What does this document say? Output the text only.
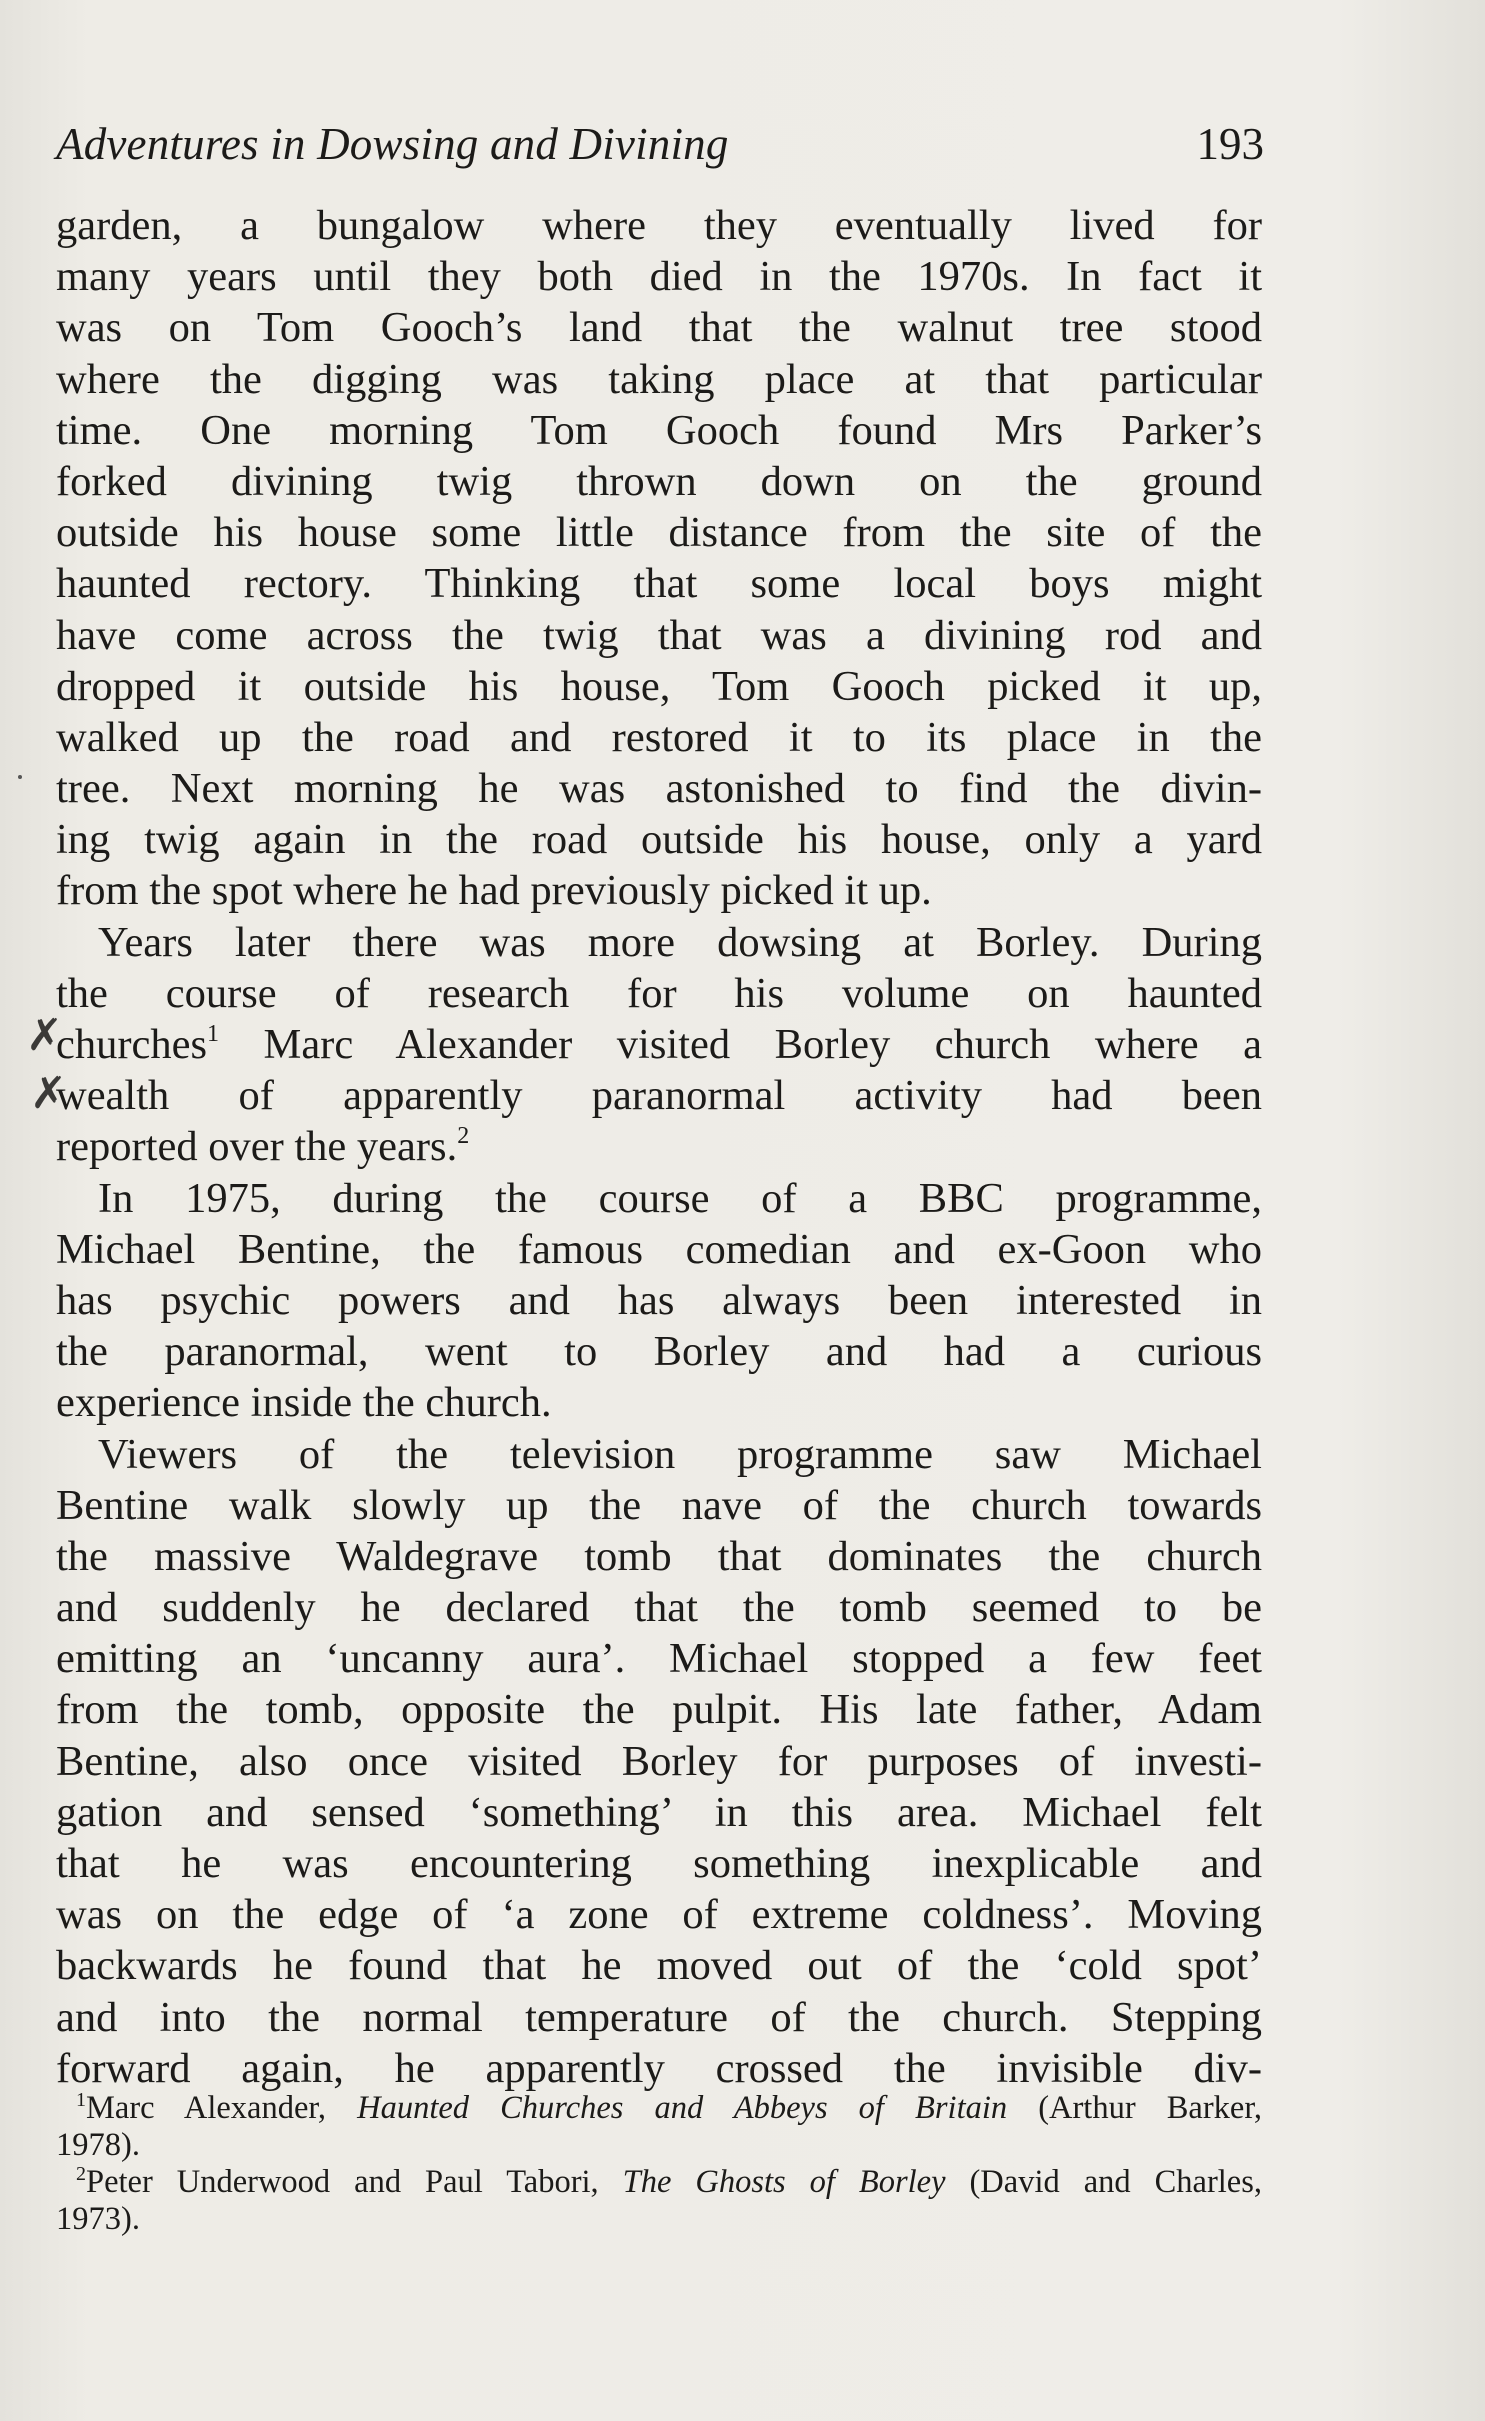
Adventures in Dowsing and Divining	193
garden, a bungalow where they eventually lived for
many years until they both died in the 1970s. In fact it
was on Tom Gooch’s land that the walnut tree stood
where the digging was taking place at that particular
time. One morning Tom Gooch found Mrs Parker’s
forked divining twig thrown down on the ground
outside his house some little distance from the site of the
haunted rectory. Thinking that some local boys might
have come across the twig that was a divining rod and
dropped it outside his house, Tom Gooch picked it up,
walked up the road and restored it to its place in the
tree. Next morning he was astonished to find the divin-
ing twig again in the road outside his house, only a yard
from the spot where he had previously picked it up.
Years later there was more dowsing at Borley. During
the course of research for his volume on haunted
churches$^1$ Marc Alexander visited Borley church where a
wealth of apparently paranormal activity had been
reported over the years.$^2$
In 1975, during the course of a BBC programme,
Michael Bentine, the famous comedian and ex-Goon who
has psychic powers and has always been interested in
the paranormal, went to Borley and had a curious
experience inside the church.
Viewers of the television programme saw Michael
Bentine walk slowly up the nave of the church towards
the massive Waldegrave tomb that dominates the church
and suddenly he declared that the tomb seemed to be
emitting an ‘uncanny aura’. Michael stopped a few feet
from the tomb, opposite the pulpit. His late father, Adam
Bentine, also once visited Borley for purposes of investi-
gation and sensed ‘something’ in this area. Michael felt
that he was encountering something inexplicable and
was on the edge of ‘a zone of extreme coldness’. Moving
backwards he found that he moved out of the ‘cold spot’
and into the normal temperature of the church. Stepping
forward again, he apparently crossed the invisible div-
$^1$Marc Alexander, Haunted Churches and Abbeys of Britain (Arthur Barker,
1978).
$^2$Peter Underwood and Paul Tabori, The Ghosts of Borley (David and Charles,
1973).
✗
✗
